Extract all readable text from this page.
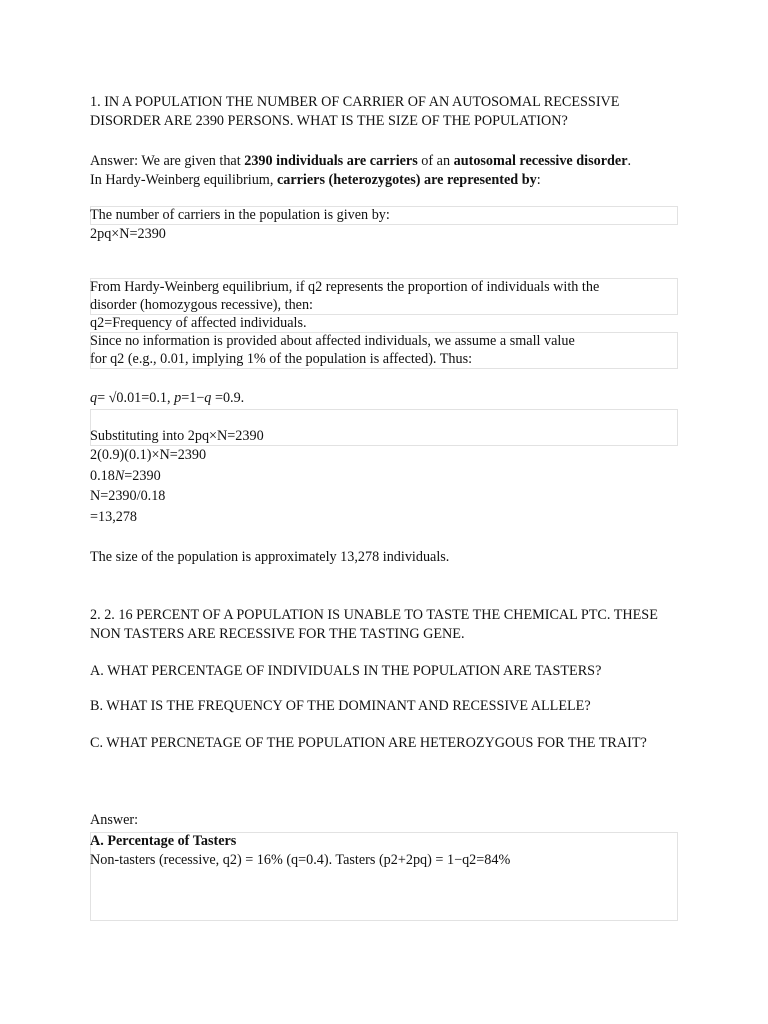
1. IN A POPULATION THE NUMBER OF CARRIER OF AN AUTOSOMAL RECESSIVE DISORDER ARE 2390 PERSONS. WHAT IS THE SIZE OF THE POPULATION?

Answer: We are given that 2390 individuals are carriers of an autosomal recessive disorder.
In Hardy-Weinberg equilibrium, carriers (heterozygotes) are represented by:

The number of carriers in the population is given by:

2pq×N=2390

From Hardy-Weinberg equilibrium, if q2 represents the proportion of individuals with the

disorder (homozygous recessive), then:

q2=Frequency of affected individuals.

Since no information is provided about affected individuals, we assume a small value

for q2 (e.g., 0.01, implying 1% of the population is affected). Thus:

q= √0.01=0.1, p=1−q =0.9.

Substituting into 2pq×N=2390

2(0.9)(0.1)×N=2390

0.18N=2390

N=2390/0.18

=13,278

The size of the population is approximately 13,278 individuals.

2. 2. 16 PERCENT OF A POPULATION IS UNABLE TO TASTE THE CHEMICAL PTC. THESE NON TASTERS ARE RECESSIVE FOR THE TASTING GENE.

A. WHAT PERCENTAGE OF INDIVIDUALS IN THE POPULATION ARE TASTERS?

B. WHAT IS THE FREQUENCY OF THE DOMINANT AND RECESSIVE ALLELE?

C. WHAT PERCNETAGE OF THE POPULATION ARE HETEROZYGOUS FOR THE TRAIT?

Answer:

A. Percentage of Tasters

Non-tasters (recessive, q2) = 16% (q=0.4). Tasters (p2+2pq) = 1−q2=84%
